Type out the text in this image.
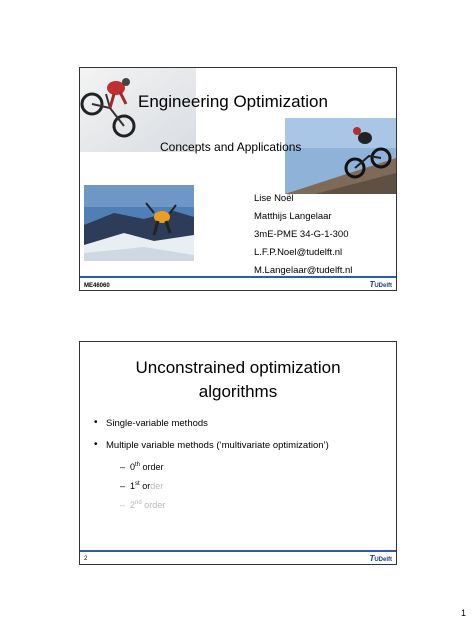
Engineering Optimization
Concepts and Applications
Lise Noël
Matthijs Langelaar
3mE-PME 34-G-1-300
L.F.P.Noel@tudelft.nl
M.Langelaar@tudelft.nl
ME46060	TUDelft
Unconstrained optimization
algorithms
• Single-variable methods
• Multiple variable methods (‘multivariate optimization’)
– 0th order
– 1st order
– 2nd order
2	TUDelft
1
